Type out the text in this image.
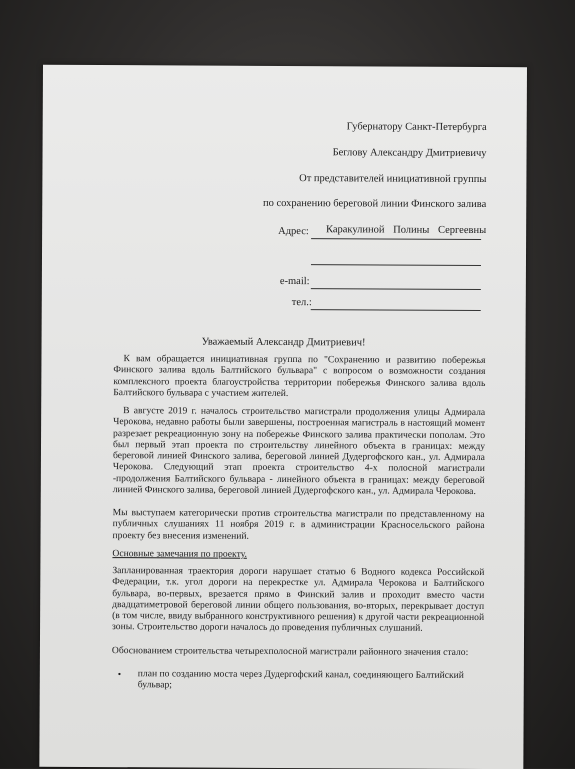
Губернатору Санкт-Петербурга
Беглову Александру Дмитриевичу
От представителей инициативной группы
по сохранению береговой линии Финского залива
Каракулиной Полины Сергеевны
Адрес:
e-mail:
тел.:
Уважаемый Александр Дмитриевич!
К вам обращается инициативная группа по "Сохранению и развитию побережья Финского залива вдоль Балтийского бульвара" с вопросом о возможности создания комплексного проекта благоустройства территории побережья Финского залива вдоль Балтийского бульвара с участием жителей.
В августе 2019 г. началось строительство магистрали продолжения улицы Адмирала Черокова, недавно работы были завершены, построенная магистраль в настоящий момент разрезает рекреационную зону на побережье Финского залива практически пополам. Это был первый этап проекта по строительству линейного объекта в границах: между береговой линией Финского залива, береговой линией Дудергофского кан., ул. Адмирала Черокова. Следующий этап проекта строительство 4-х полосной магистрали -продолжения Балтийского бульвара - линейного объекта в границах: между береговой линией Финского залива, береговой линией Дудергофского кан., ул. Адмирала Черокова.
Мы выступаем категорически против строительства магистрали по представленному на публичных слушаниях 11 ноября 2019 г. в администрации Красносельского района проекту без внесения изменений.
Основные замечания по проекту.
Запланированная траектория дороги нарушает статью 6 Водного кодекса Российской Федерации, т.к. угол дороги на перекрестке ул. Адмирала Черокова и Балтийского бульвара, во-первых, врезается прямо в Финский залив и проходит вместо части двадцатиметровой береговой линии общего пользования, во-вторых, перекрывает доступ (в том числе, ввиду выбранного конструктивного решения) к другой части рекреационной зоны. Строительство дороги началось до проведения публичных слушаний.
Обоснованием строительства четырехполосной магистрали районного значения стало:
• план по созданию моста через Дудергофский канал, соединяющего Балтийский бульвар;
